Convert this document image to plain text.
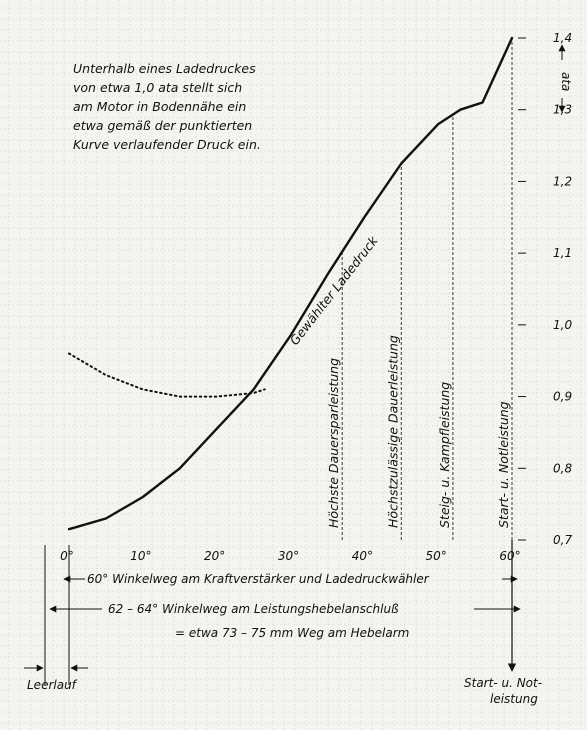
Unterhalb eines Ladedruckes
von etwa 1,0 ata stellt sich
am Motor in Bodennähe ein
etwa gemäß der punktierten
Kurve verlaufender Druck ein.
Höchste Dauersparleistung	Höchstzulässige Dauerleistung	Steig- u. Kampfleistung	Start- u. Notleistung
Gewählter Ladedruck
0,7
0,8
0,9
1,0
1,1
1,2
1,3
1,4
0°	10°	20°	30°	40°	50°	60°
ata
60° Winkelweg am Kraftverstärker und Ladedruckwähler
62 – 64° Winkelweg am Leistungshebelanschluß
= etwa 73 – 75 mm Weg am Hebelarm
Leerlauf	Start- u. Not-
leistung
